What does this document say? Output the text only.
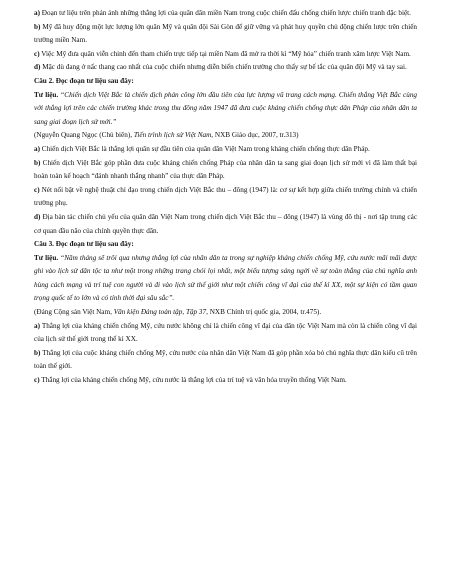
a) Đoạn tư liệu trên phản ánh những thắng lợi của quân dân miền Nam trong cuộc chiến đấu chống chiến lược chiến tranh đặc biệt.

b) Mỹ đã huy động một lực lượng lớn quân Mỹ và quân đội Sài Gòn để giữ vững và phát huy quyền chủ động chiến lược trên chiến trường miền Nam.

c) Việc Mỹ đưa quân viễn chinh đến tham chiến trực tiếp tại miền Nam đã mở ra thời kì “Mỹ hóa” chiến tranh xâm lược Việt Nam.

d) Mặc dù đang ở nấc thang cao nhất của cuộc chiến nhưng diễn biến chiến trường cho thấy sự bế tắc của quân đội Mỹ và tay sai.

Câu 2. Đọc đoạn tư liệu sau đây:

Tư liệu. “Chiến dịch Việt Bắc là chiến dịch phản công lớn đầu tiên của lực lượng vũ trang cách mạng. Chiến thắng Việt Bắc cùng với thắng lợi trên các chiến trường khác trong thu đông năm 1947 đã đưa cuộc kháng chiến chống thực dân Pháp của nhân dân ta sang giai đoạn lịch sử mới.”

(Nguyễn Quang Ngọc (Chủ biên), Tiến trình lịch sử Việt Nam, NXB Giáo dục, 2007, tr.313)

a) Chiến dịch Việt Bắc là thắng lợi quân sự đầu tiên của quân dân Việt Nam trong kháng chiến chống thực dân Pháp.

b) Chiến dịch Việt Bắc góp phần đưa cuộc kháng chiến chống Pháp của nhân dân ta sang giai đoạn lịch sử mới vì đã làm thất bại hoàn toàn kế hoạch “đánh nhanh thắng nhanh” của thực dân Pháp.

c) Nét nổi bật về nghệ thuật chỉ đạo trong chiến dịch Việt Bắc thu – đông (1947) là: cơ sự kết hợp giữa chiến trường chính và chiến trường phụ.

d) Địa bàn tác chiến chủ yếu của quân dân Việt Nam trong chiến dịch Việt Bắc thu – đông (1947) là vùng đô thị - nơi tập trung các cơ quan đầu não của chính quyền thực dân.

Câu 3. Đọc đoạn tư liệu sau đây:

Tư liệu. “Năm tháng sẽ trôi qua nhưng thắng lợi của nhân dân ta trong sự nghiệp kháng chiến chống Mỹ, cứu nước mãi mãi được ghi vào lịch sử dân tộc ta như một trong những trang chói lọi nhất, một biểu tượng sáng ngời về sự toàn thắng của chủ nghĩa anh hùng cách mạng và trí tuệ con người và đi vào lịch sử thế giới như một chiến công vĩ đại của thế kỉ XX, một sự kiện có tầm quan trọng quốc tế to lớn và có tính thời đại sâu sắc”.

(Đảng Cộng sản Việt Nam, Văn kiện Đảng toàn tập, Tập 37, NXB Chính trị quốc gia, 2004, tr.475).

a) Thắng lợi của kháng chiến chống Mỹ, cứu nước không chỉ là chiến công vĩ đại của dân tộc Việt Nam mà còn là chiến công vĩ đại của lịch sử thế giới trong thế kỉ XX.

b) Thắng lợi của cuộc kháng chiến chống Mỹ, cứu nước của nhân dân Việt Nam đã góp phần xóa bỏ chủ nghĩa thực dân kiểu cũ trên toàn thế giới.

c) Thắng lợi của kháng chiến chống Mỹ, cứu nước là thắng lợi của trí tuệ và văn hóa truyền thống Việt Nam.
